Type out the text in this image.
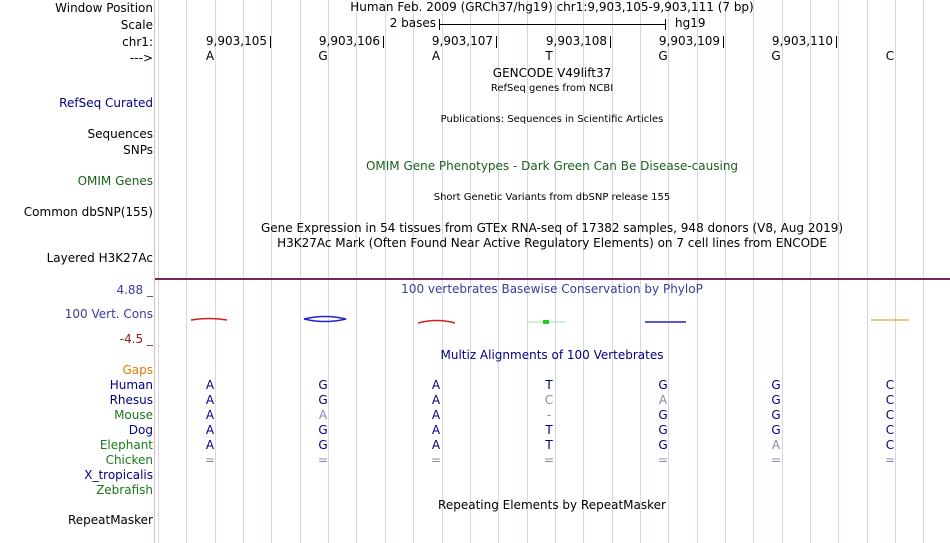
Window Position	Human Feb. 2009 (GRCh37/hg19) chr1:9,903,105-9,903,111 (7 bp)
Scale	2 bases	hg19
chr1:	9,903,105	9,903,106	9,903,107	9,903,108	9,903,109	9,903,110
--->	A	G	A	T	G	G	C
GENCODE V49lift37
RefSeq genes from NCBI
RefSeq Curated
Publications: Sequences in Scientific Articles
Sequences
SNPs
OMIM Gene Phenotypes - Dark Green Can Be Disease-causing
OMIM Genes
Short Genetic Variants from dbSNP release 155
Common dbSNP(155)
Gene Expression in 54 tissues from GTEx RNA-seq of 17382 samples, 948 donors (V8, Aug 2019)
H3K27Ac Mark (Often Found Near Active Regulatory Elements) on 7 cell lines from ENCODE
Layered H3K27Ac
4.88 _	100 vertebrates Basewise Conservation by PhyloP
100 Vert. Cons
-4.5 _
Multiz Alignments of 100 Vertebrates
Gaps
Human	A	G	A	T	G	G	C
Rhesus	A	G	A	C	A	G	C
Mouse	A	A	A	-	G	G	C
Dog	A	G	A	T	G	G	C
Elephant	A	G	A	T	G	A	C
Chicken	=	=	=	=	=	=	=
X_tropicalis
Zebrafish
Repeating Elements by RepeatMasker
RepeatMasker
